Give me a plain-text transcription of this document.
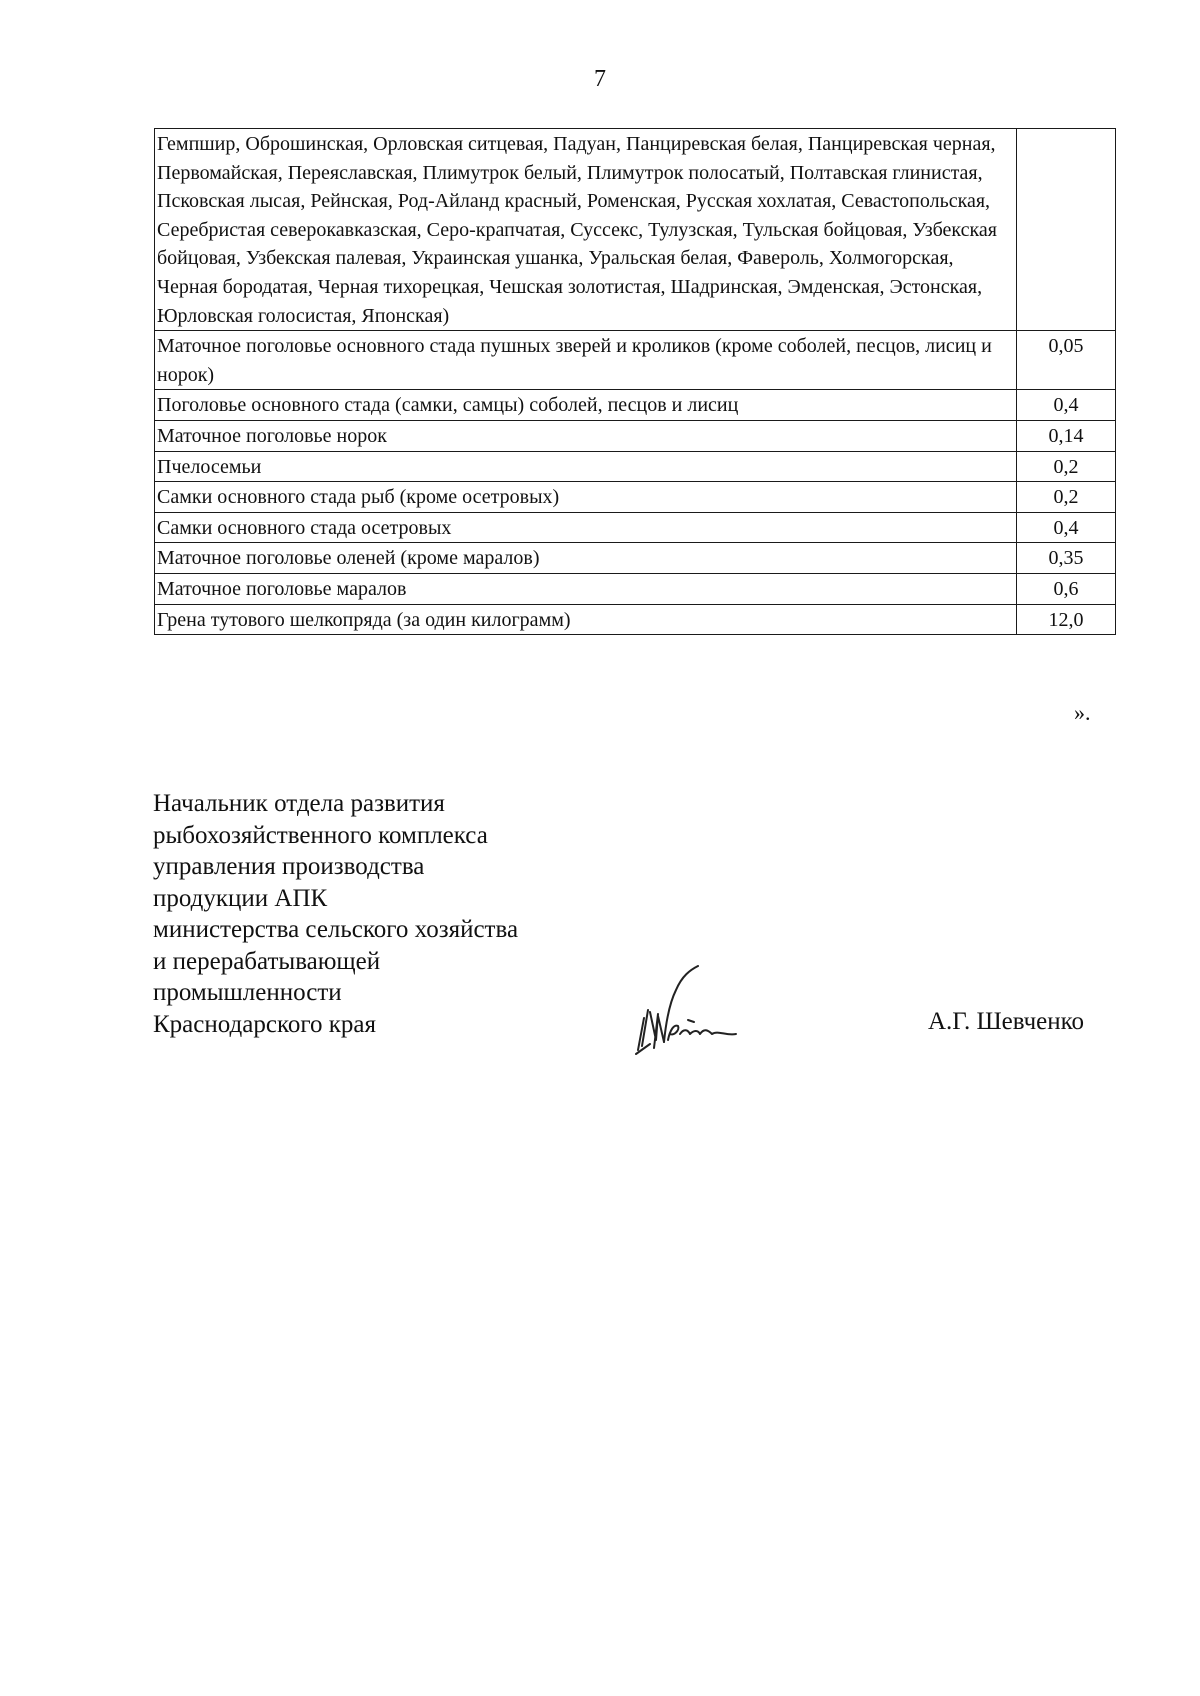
7
Гемпшир, Оброшинская, Орловская ситцевая, Падуан, Панциревская белая, Панциревская черная, Первомайская, Переяславская, Плимутрок белый, Плимутрок полосатый, Полтавская глинистая, Псковская лысая, Рейнская, Род-Айланд красный, Роменская, Русская хохлатая, Севастопольская, Серебристая северокавказская, Серо-крапчатая, Суссекс, Тулузская, Тульская бойцовая, Узбекская бойцовая, Узбекская палевая, Украинская ушанка, Уральская белая, Фавероль, Холмогорская, Черная бородатая, Черная тихорецкая, Чешская золотистая, Шадринская, Эмденская, Эстонская, Юрловская голосистая, Японская)	
Маточное поголовье основного стада пушных зверей и кроликов (кроме соболей, песцов, лисиц и норок)	0,05
Поголовье основного стада (самки, самцы) соболей, песцов и лисиц	0,4
Маточное поголовье норок	0,14
Пчелосемьи	0,2
Самки основного стада рыб (кроме осетровых)	0,2
Самки основного стада осетровых	0,4
Маточное поголовье оленей (кроме маралов)	0,35
Маточное поголовье маралов	0,6
Грена тутового шелкопряда (за один килограмм)	12,0
».
Начальник отдела развития
рыбохозяйственного комплекса
управления производства
продукции АПК
министерства сельского хозяйства
и перерабатывающей
промышленности
Краснодарского края	А.Г. Шевченко
